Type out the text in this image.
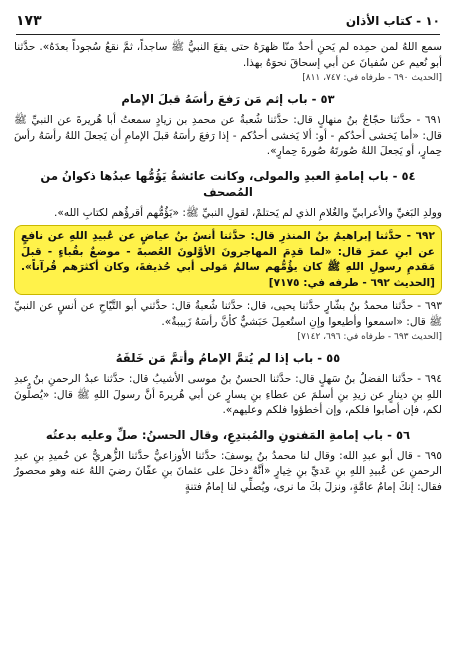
١٧٣	١٠ - كتاب الأذان

سمع اللهُ لمن حمِده لم يَحنِ أحدٌ منّا ظهرَهُ حتى يقعَ النبيُّ ﷺ ساجداً، ثمَّ نقعُ سُجوداً بعدَهُ». حدَّثنا أبو نُعيم عن سُفيانَ عن أبي إسحاقَ نحوَهُ بهذا.

[الحديث ٦٩٠ - طرفاه في: ٧٤٧، ٨١١]
٥٣ - باب إثم مَن رَفعَ رأسَهُ قبلَ الإمام

٦٩١ - حدَّثنا حجّاجُ بنُ منهالٍ قال: حدَّثنا شُعبةُ عن محمدِ بن زيادٍ سمعتُ أبا هُريرةَ عن النبيِّ ﷺ قال: «أما يَخشى أحدُكم - أو: ألا يَخشى أحدُكم - إذا رَفعَ رأسَهُ قبلَ الإمامِ أن يَجعلَ اللهُ رأسَهُ رأسَ حِمارٍ، أو يَجعلَ اللهُ صُورتَهُ صُورةَ حِمارٍ».

٥٤ - باب إمامةِ العبدِ والمولى، وكانت عائشةُ يَؤُمُّها عبدُها ذكوانُ من المُصحف

وولدِ البَغيِّ والأعرابيِّ والغُلامِ الذي لم يَحتلمْ، لقولِ النبيِّ ﷺ: «يَؤُمُّهم أقرؤُهم لكتابِ الله».

٦٩٢ - حدَّثنا إبراهيمُ بنُ المنذرِ قال: حدَّثنا أنسُ بنُ عياضٍ عن عُبيدِ اللهِ عن نافعٍ عن ابنِ عمرَ قال: «لما قدِمَ المهاجرونَ الأوَّلونَ العُصبةَ - موضعٌ بقُباءٍ - قبلَ مَقدمِ رسولِ اللهِ ﷺ كان يؤُمُّهم سالمٌ مَولى أبي حُذيفةَ، وكان أكثرَهم قُرآناً». [الحديث ٦٩٢ - طرفه في: ٧١٧٥]

٦٩٣ - حدَّثنا محمدُ بنُ بشّارٍ حدَّثنا يحيى، قال: حدَّثنا شُعبةُ قال: حدَّثني أبو التَّيّاحِ عن أنسٍ عن النبيِّ ﷺ قال: «اسمعوا وأطيعوا وإنِ استُعمِلَ حَبَشيٌّ كأنَّ رأسَهُ زَبيبةٌ».

[الحديث ٦٩٣ - طرفاه في: ٦٩٦، ٧١٤٢]
٥٥ - باب إذا لم يُتمَّ الإمامُ وأتمَّ مَن خَلفَهُ

٦٩٤ - حدَّثنا الفضلُ بنُ سَهلٍ قال: حدَّثنا الحسنُ بنُ موسى الأشيبُ قال: حدَّثنا عبدُ الرحمنِ بنُ عبدِ اللهِ بنِ دينارٍ عن زيدِ بنِ أسلمَ عن عطاءِ بنِ يسارٍ عن أبي هُريرةَ أنَّ رسولَ اللهِ ﷺ قال: «يُصلُّونَ لكم، فإن أصابوا فلكم، وإن أخطؤوا فلكم وعليهم».

٥٦ - باب إمامةِ المَفتونِ والمُبتدِعِ، وقال الحسنُ: صلِّ وعليه بدعتُه

٦٩٥ - قال أبو عبدِ الله: وقال لنا محمدُ بنُ يوسفَ: حدَّثنا الأوزاعيُّ حدَّثنا الزُّهريُّ عن حُميدِ بنِ عبدِ الرحمنِ عن عُبيدِ اللهِ بنِ عَديِّ بنِ خِيارٍ «أنَّهُ دخلَ على عثمانَ بنِ عفّانَ رضيَ اللهُ عنه وهو محصورٌ فقال: إنكَ إمامُ عامَّةٍ، ونزلَ بكَ ما نرى، ويُصلِّي لنا إمامُ فتنةٍ
